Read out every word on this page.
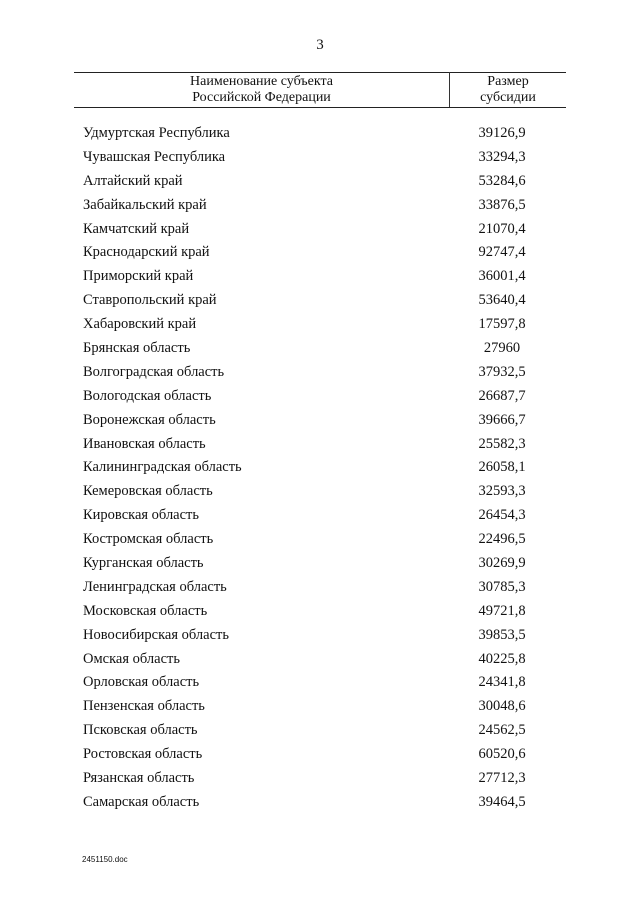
3
Наименование субъекта
Российской Федерации
Размер
субсидии
Удмуртская Республика	39126,9
Чувашская Республика	33294,3
Алтайский край	53284,6
Забайкальский край	33876,5
Камчатский край	21070,4
Краснодарский край	92747,4
Приморский край	36001,4
Ставропольский край	53640,4
Хабаровский край	17597,8
Брянская область	27960
Волгоградская область	37932,5
Вологодская область	26687,7
Воронежская область	39666,7
Ивановская область	25582,3
Калининградская область	26058,1
Кемеровская область	32593,3
Кировская область	26454,3
Костромская область	22496,5
Курганская область	30269,9
Ленинградская область	30785,3
Московская область	49721,8
Новосибирская область	39853,5
Омская область	40225,8
Орловская область	24341,8
Пензенская область	30048,6
Псковская область	24562,5
Ростовская область	60520,6
Рязанская область	27712,3
Самарская область	39464,5
2451150.doc
